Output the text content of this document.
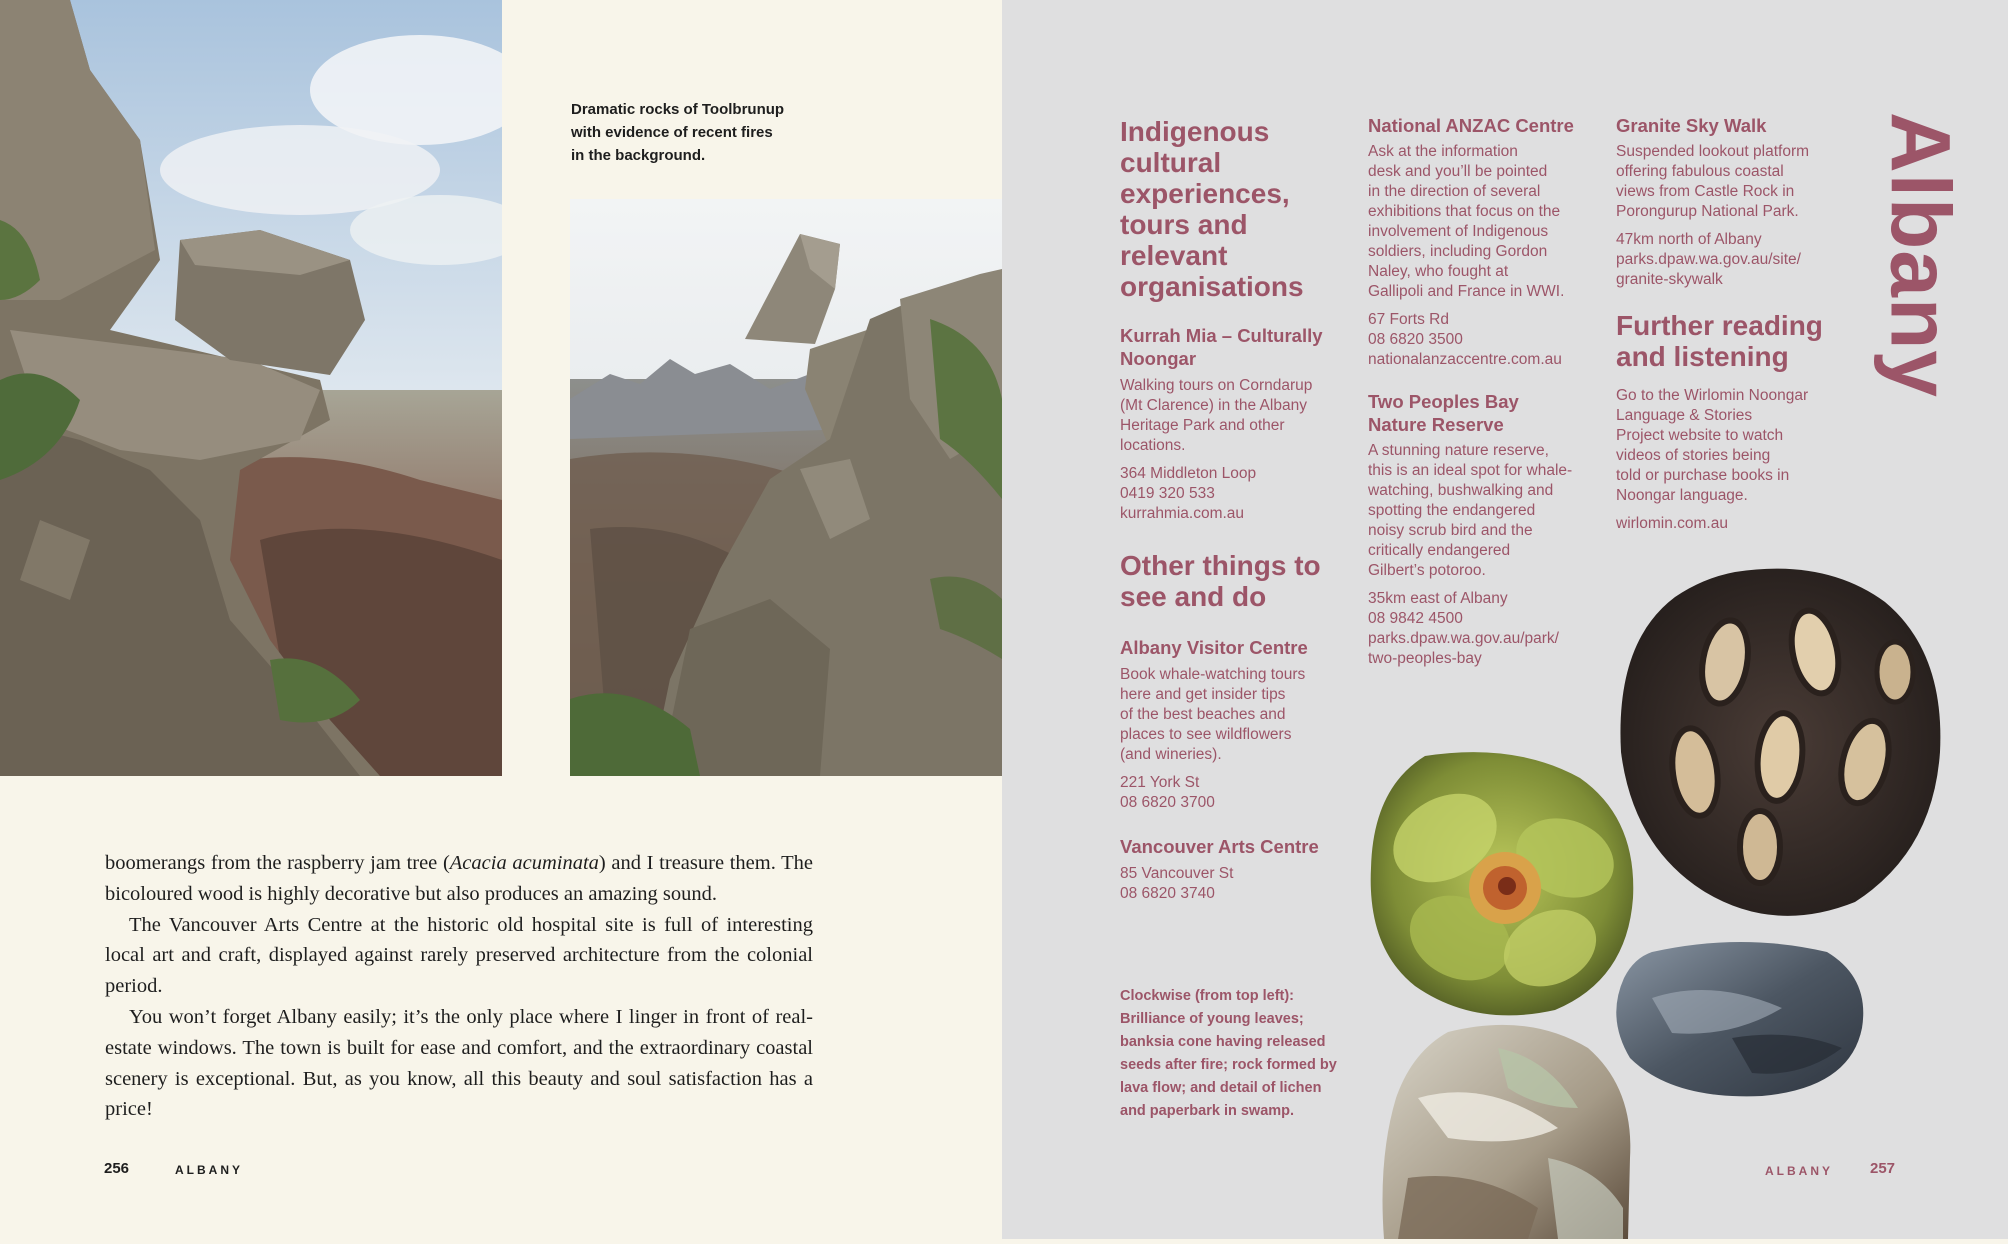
Dramatic rocks of Toolbrunup
with evidence of recent fires
in the background.

boomerangs from the raspberry jam tree (Acacia acuminata) and I treasure them. The bicoloured wood is highly decorative but also produces an amazing sound.

The Vancouver Arts Centre at the historic old hospital site is full of interesting local art and craft, displayed against rarely preserved architecture from the colonial period.

You won’t forget Albany easily; it’s the only place where I linger in front of real-estate windows. The town is built for ease and comfort, and the extraordinary coastal scenery is exceptional. But, as you know, all this beauty and soul satisfaction has a price!

256	ALBANY
Indigenous cultural experiences, tours and relevant organisations
Kurrah Mia – Culturally Noongar

Walking tours on Corndarup

(Mt Clarence) in the Albany

Heritage Park and other

locations.

364 Middleton Loop

0419 320 533

kurrahmia.com.au

Other things to see and do
Albany Visitor Centre

Book whale-watching tours

here and get insider tips

of the best beaches and

places to see wildflowers

(and wineries).

221 York St

08 6820 3700

Vancouver Arts Centre

85 Vancouver St

08 6820 3740

Clockwise (from top left):
Brilliance of young leaves;
banksia cone having released
seeds after fire; rock formed by
lava flow; and detail of lichen
and paperbark in swamp.
National ANZAC Centre

Ask at the information

desk and you’ll be pointed

in the direction of several

exhibitions that focus on the

involvement of Indigenous

soldiers, including Gordon

Naley, who fought at

Gallipoli and France in WWI.

67 Forts Rd

08 6820 3500

nationalanzaccentre.com.au

Two Peoples Bay Nature Reserve

A stunning nature reserve,

this is an ideal spot for whale-

watching, bushwalking and

spotting the endangered

noisy scrub bird and the

critically endangered

Gilbert’s potoroo.

35km east of Albany

08 9842 4500

parks.dpaw.wa.gov.au/park/

two-peoples-bay

Granite Sky Walk

Suspended lookout platform

offering fabulous coastal

views from Castle Rock in

Porongurup National Park.

47km north of Albany

parks.dpaw.wa.gov.au/site/

granite-skywalk

Further reading and listening

Go to the Wirlomin Noongar

Language & Stories

Project website to watch

videos of stories being

told or purchase books in

Noongar language.

wirlomin.com.au

Albany
ALBANY 257
